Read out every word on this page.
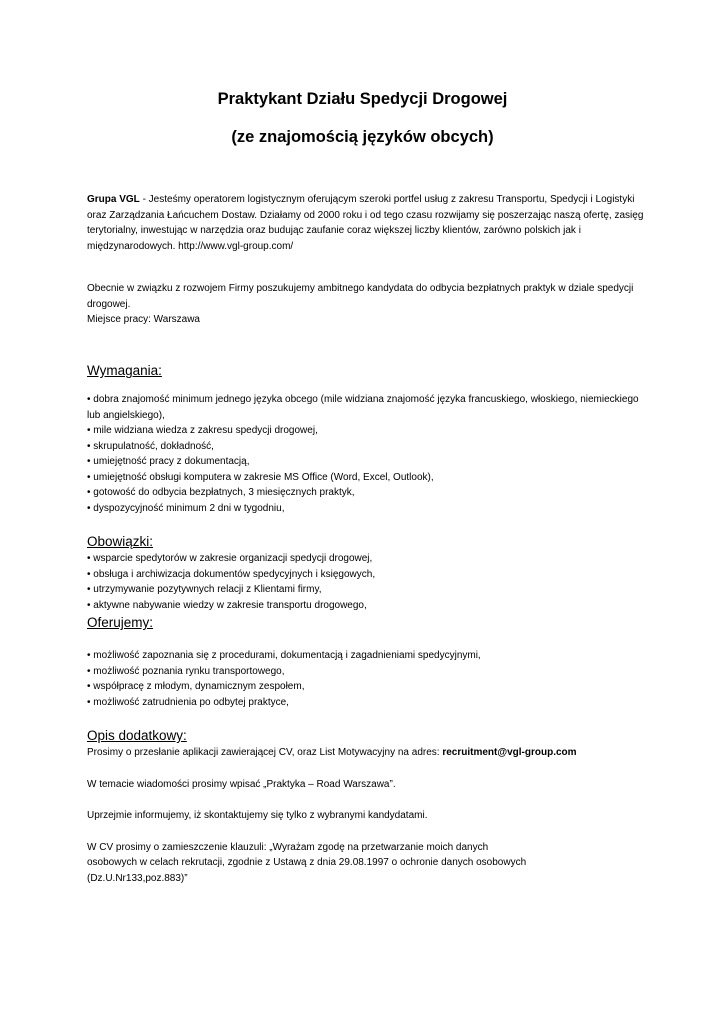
Praktykant Działu Spedycji Drogowej
(ze znajomością języków obcych)

Grupa VGL - Jesteśmy operatorem logistycznym oferującym szeroki portfel usług z zakresu Transportu, Spedycji i Logistyki oraz Zarządzania Łańcuchem Dostaw. Działamy od 2000 roku i od tego czasu rozwijamy się poszerzając naszą ofertę, zasięg terytorialny, inwestując w narzędzia oraz budując zaufanie coraz większej liczby klientów, zarówno polskich jak i międzynarodowych. http://www.vgl-group.com/

Obecnie w związku z rozwojem Firmy poszukujemy ambitnego kandydata do odbycia bezpłatnych praktyk w dziale spedycji drogowej.

Miejsce pracy: Warszawa

Wymagania:
• dobra znajomość minimum jednego języka obcego (mile widziana znajomość języka francuskiego, włoskiego, niemieckiego lub angielskiego),
• mile widziana wiedza z zakresu spedycji drogowej,
• skrupulatność, dokładność,
• umiejętność pracy z dokumentacją,
• umiejętność obsługi komputera w zakresie MS Office (Word, Excel, Outlook),
• gotowość do odbycia bezpłatnych, 3 miesięcznych praktyk,
• dyspozycyjność minimum 2 dni w tygodniu,
Obowiązki:
• wsparcie spedytorów w zakresie organizacji spedycji drogowej,
• obsługa i archiwizacja dokumentów spedycyjnych i księgowych,
• utrzymywanie pozytywnych relacji z Klientami firmy,
• aktywne nabywanie wiedzy w zakresie transportu drogowego,
Oferujemy:
• możliwość zapoznania się z procedurami, dokumentacją i zagadnieniami spedycyjnymi,
• możliwość poznania rynku transportowego,
• współpracę z młodym, dynamicznym zespołem,
• możliwość zatrudnienia po odbytej praktyce,
Opis dodatkowy:

Prosimy o przesłanie aplikacji zawierającej CV, oraz List Motywacyjny na adres: recruitment@vgl-group.com

W temacie wiadomości prosimy wpisać „Praktyka – Road Warszawa”.

Uprzejmie informujemy, iż skontaktujemy się tylko z wybranymi kandydatami.

W CV prosimy o zamieszczenie klauzuli: „Wyrażam zgodę na przetwarzanie moich danych

osobowych w celach rekrutacji, zgodnie z Ustawą z dnia 29.08.1997 o ochronie danych osobowych

(Dz.U.Nr133,poz.883)”
